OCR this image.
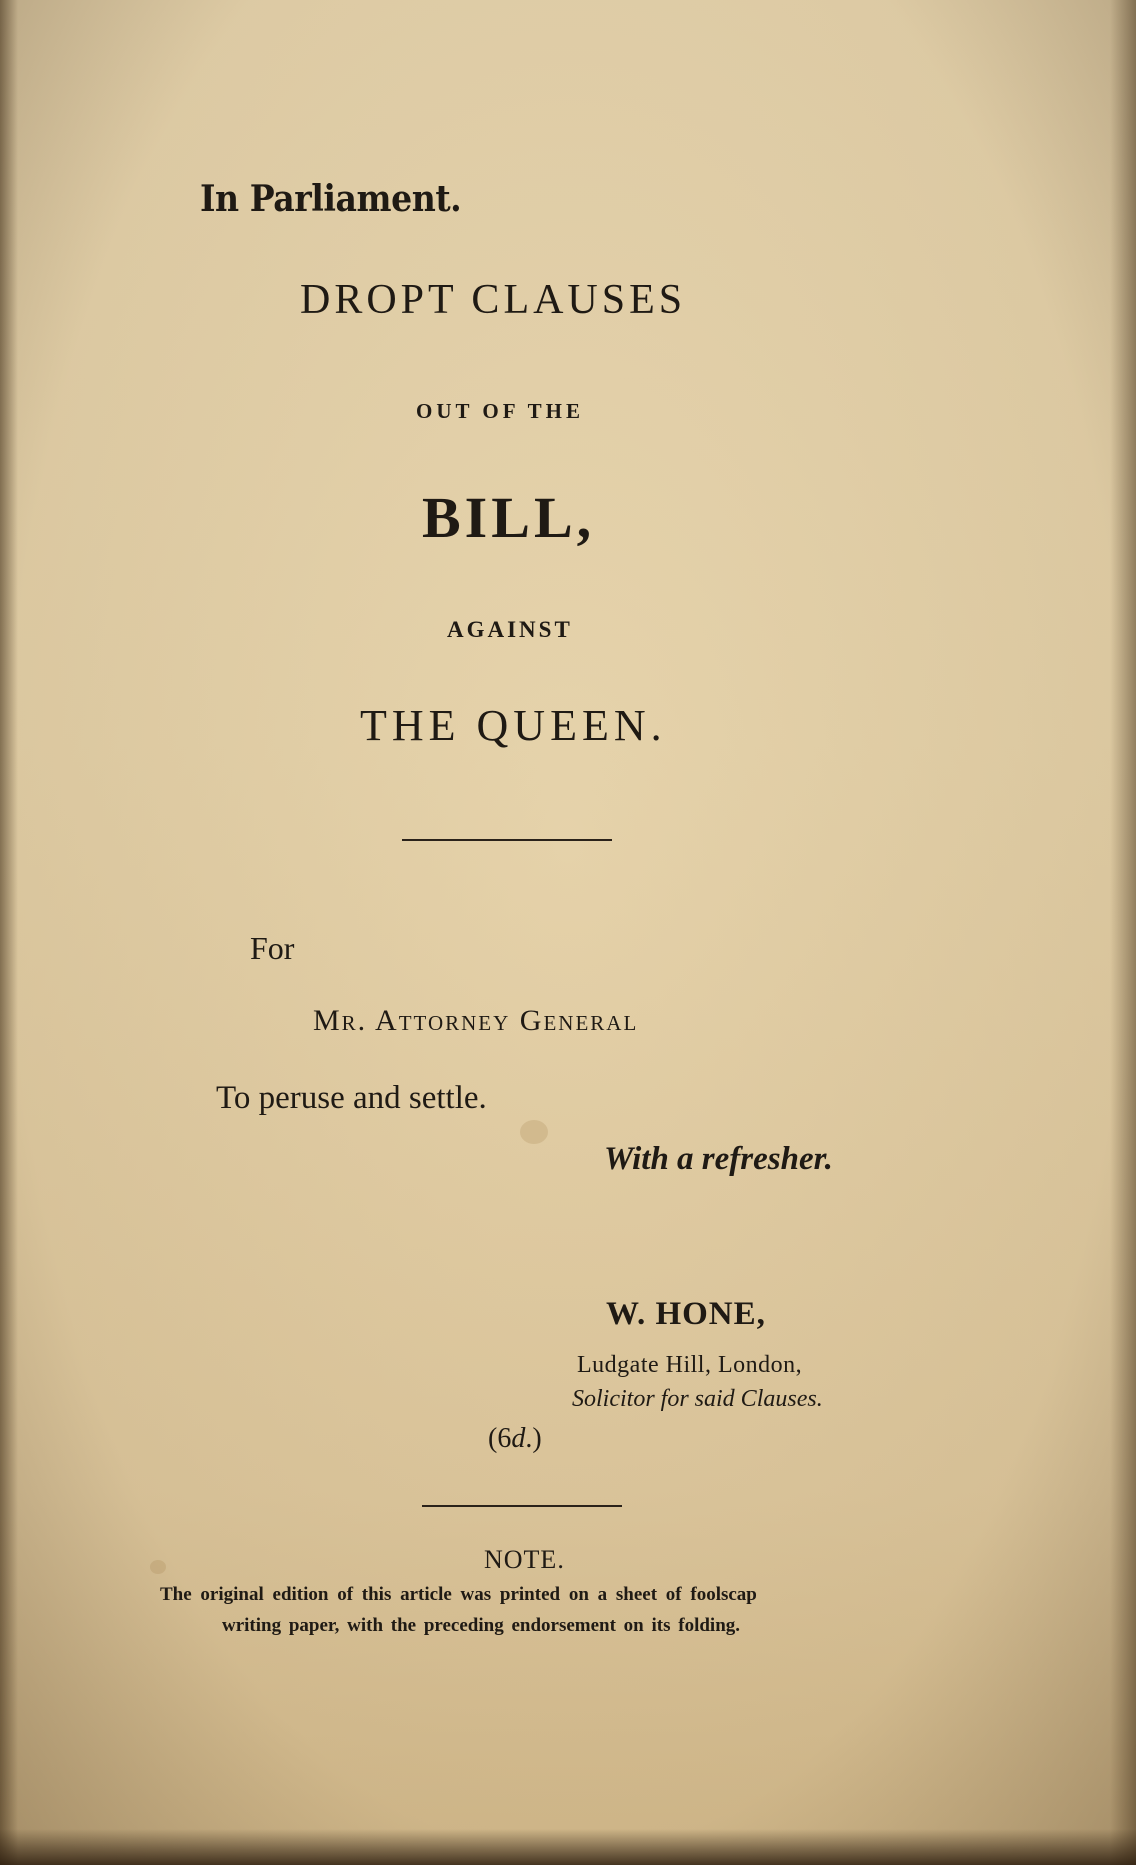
In Parliament.
DROPT CLAUSES
OUT OF THE
BILL,
AGAINST
THE QUEEN.
For
Mr. Attorney General
To peruse and settle.
With a refresher.
W. HONE,
Ludgate Hill, London,
Solicitor for said Clauses.
(6d.)
NOTE.
The original edition of this article was printed on a sheet of foolscap
writing paper, with the preceding endorsement on its folding.
